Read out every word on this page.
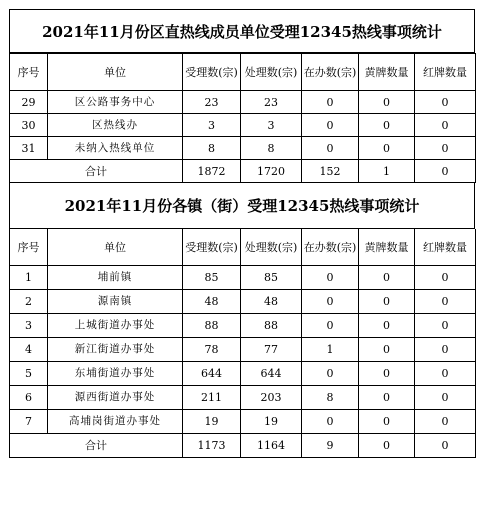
2021年11月份区直热线成员单位受理12345热线事项统计
序号	单位	受理数(宗)	处理数(宗)	在办数(宗)	黄牌数量	红牌数量
29	区公路事务中心	23	23	0	0	0
30	区热线办	3	3	0	0	0
31	未纳入热线单位	8	8	0	0	0
合计		1872	1720	152	1	0
2021年11月份各镇（街）受理12345热线事项统计
序号	单位	受理数(宗)	处理数(宗)	在办数(宗)	黄牌数量	红牌数量
1	埔前镇	85	85	0	0	0
2	源南镇	48	48	0	0	0
3	上城街道办事处	88	88	0	0	0
4	新江街道办事处	78	77	1	0	0
5	东埔街道办事处	644	644	0	0	0
6	源西街道办事处	211	203	8	0	0
7	高埔岗街道办事处	19	19	0	0	0
合计		1173	1164	9	0	0
